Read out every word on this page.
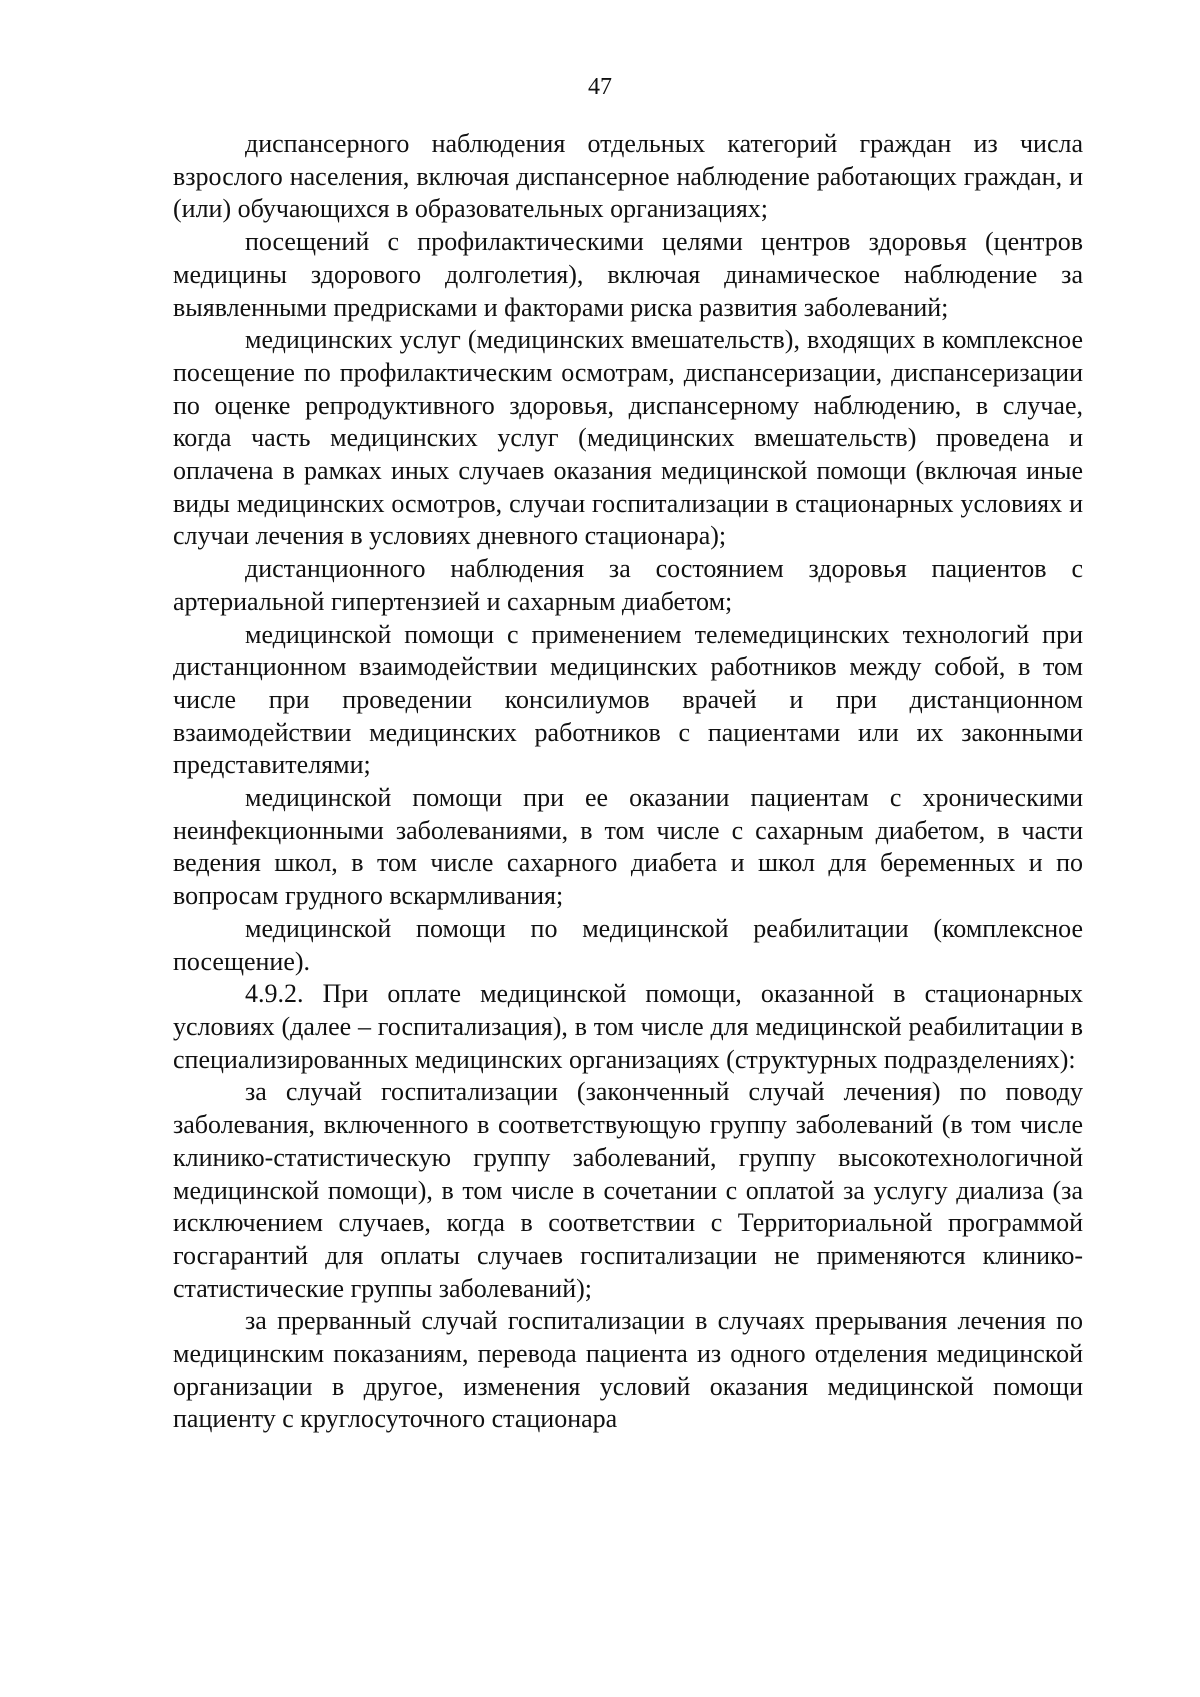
47

диспансерного наблюдения отдельных категорий граждан из числа взрослого населения, включая диспансерное наблюдение работающих граждан, и (или) обучающихся в образовательных организациях;

посещений с профилактическими целями центров здоровья (центров медицины здорового долголетия), включая динамическое наблюдение за выявленными предрисками и факторами риска развития заболеваний;

медицинских услуг (медицинских вмешательств), входящих в комплексное посещение по профилактическим осмотрам, диспансеризации, диспансеризации по оценке репродуктивного здоровья, диспансерному наблюдению, в случае, когда часть медицинских услуг (медицинских вмешательств) проведена и оплачена в рамках иных случаев оказания медицинской помощи (включая иные виды медицинских осмотров, случаи госпитализации в стационарных условиях и случаи лечения в условиях дневного стационара);

дистанционного наблюдения за состоянием здоровья пациентов с артериальной гипертензией и сахарным диабетом;

медицинской помощи с применением телемедицинских технологий при дистанционном взаимодействии медицинских работников между собой, в том числе при проведении консилиумов врачей и при дистанционном взаимодействии медицинских работников с пациентами или их законными представителями;

медицинской помощи при ее оказании пациентам с хроническими неинфекционными заболеваниями, в том числе с сахарным диабетом, в части ведения школ, в том числе сахарного диабета и школ для беременных и по вопросам грудного вскармливания;

медицинской помощи по медицинской реабилитации (комплексное посещение).

4.9.2. При оплате медицинской помощи, оказанной в стационарных условиях (далее – госпитализация), в том числе для медицинской реабилитации в специализированных медицинских организациях (структурных подразделениях):

за случай госпитализации (законченный случай лечения) по поводу заболевания, включенного в соответствующую группу заболеваний (в том числе клинико-статистическую группу заболеваний, группу высокотехнологичной медицинской помощи), в том числе в сочетании с оплатой за услугу диализа (за исключением случаев, когда в соответствии с Территориальной программой госгарантий для оплаты случаев госпитализации не применяются клинико-статистические группы заболеваний);

за прерванный случай госпитализации в случаях прерывания лечения по медицинским показаниям, перевода пациента из одного отделения медицинской организации в другое, изменения условий оказания медицинской помощи пациенту с круглосуточного стационара
